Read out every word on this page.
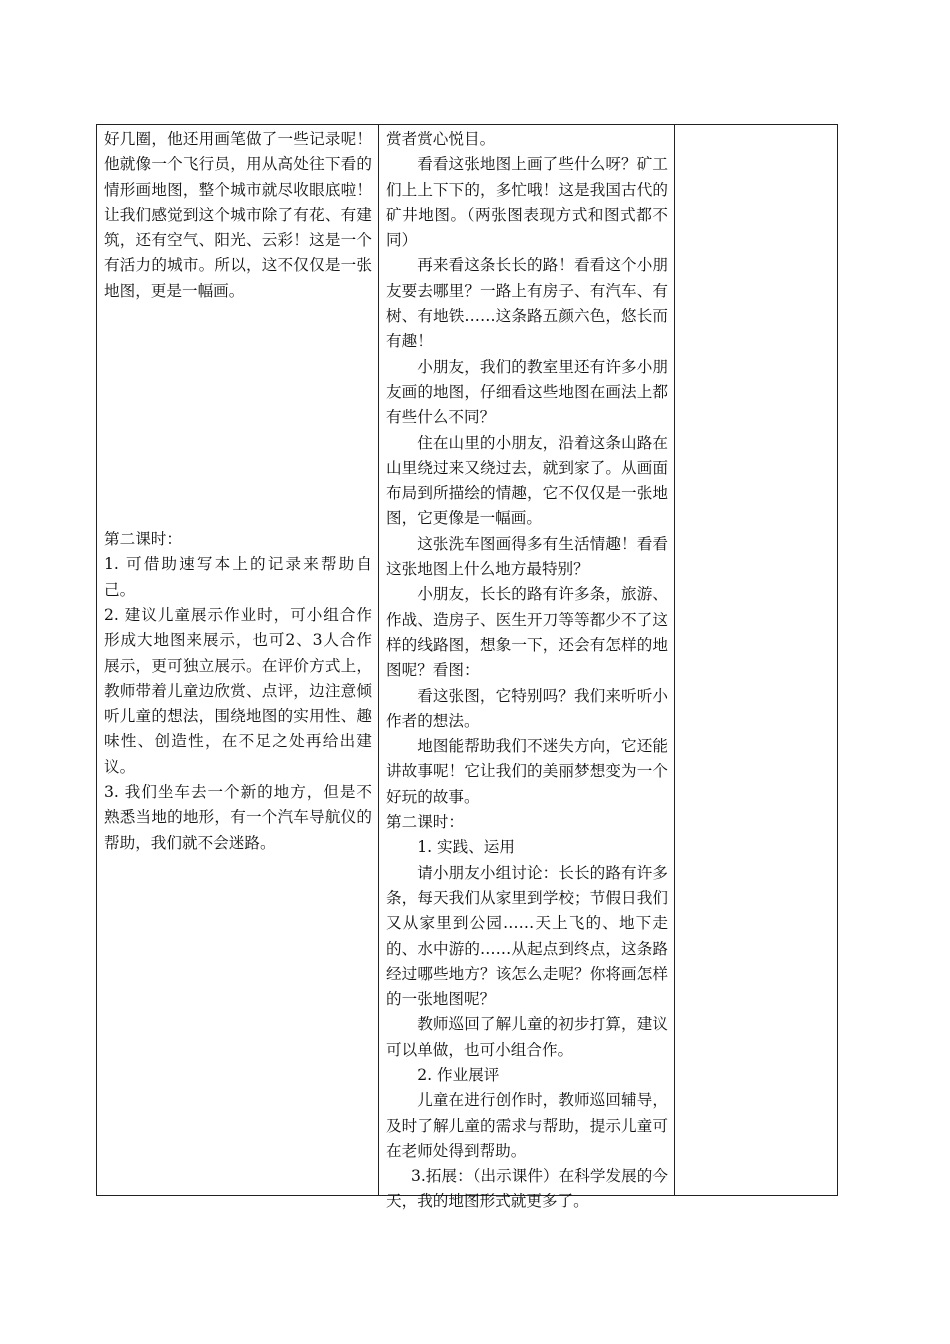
好几圈，他还用画笔做了一些记录呢！他就像一个飞行员，用从高处往下看的情形画地图，整个城市就尽收眼底啦！让我们感觉到这个城市除了有花、有建筑，还有空气、阳光、云彩！这是一个有活力的城市。所以，这不仅仅是一张地图，更是一幅画。

第二课时：

1. 可借助速写本上的记录来帮助自己。

2. 建议儿童展示作业时，可小组合作形成大地图来展示，也可2、3人合作展示，更可独立展示。在评价方式上，教师带着儿童边欣赏、点评，边注意倾听儿童的想法，围绕地图的实用性、趣味性、创造性，在不足之处再给出建议。

3. 我们坐车去一个新的地方，但是不熟悉当地的地形，有一个汽车导航仪的帮助，我们就不会迷路。

赏者赏心悦目。

看看这张地图上画了些什么呀？矿工们上上下下的，多忙哦！这是我国古代的矿井地图。（两张图表现方式和图式都不同）

再来看这条长长的路！看看这个小朋友要去哪里？一路上有房子、有汽车、有树、有地铁……这条路五颜六色，悠长而有趣！

小朋友，我们的教室里还有许多小朋友画的地图，仔细看这些地图在画法上都有些什么不同？

住在山里的小朋友，沿着这条山路在山里绕过来又绕过去，就到家了。从画面布局到所描绘的情趣，它不仅仅是一张地图，它更像是一幅画。

这张洗车图画得多有生活情趣！看看这张地图上什么地方最特别？

小朋友，长长的路有许多条，旅游、作战、造房子、医生开刀等等都少不了这样的线路图，想象一下，还会有怎样的地图呢？看图：

看这张图，它特别吗？我们来听听小作者的想法。

地图能帮助我们不迷失方向，它还能讲故事呢！它让我们的美丽梦想变为一个好玩的故事。

第二课时：

1. 实践、运用

请小朋友小组讨论：长长的路有许多条，每天我们从家里到学校；节假日我们又从家里到公园……天上飞的、地下走的、水中游的……从起点到终点，这条路经过哪些地方？该怎么走呢？你将画怎样的一张地图呢？

教师巡回了解儿童的初步打算，建议可以单做，也可小组合作。

2. 作业展评

儿童在进行创作时，教师巡回辅导，及时了解儿童的需求与帮助，提示儿童可在老师处得到帮助。

3.拓展：（出示课件）在科学发展的今天，我的地图形式就更多了。
